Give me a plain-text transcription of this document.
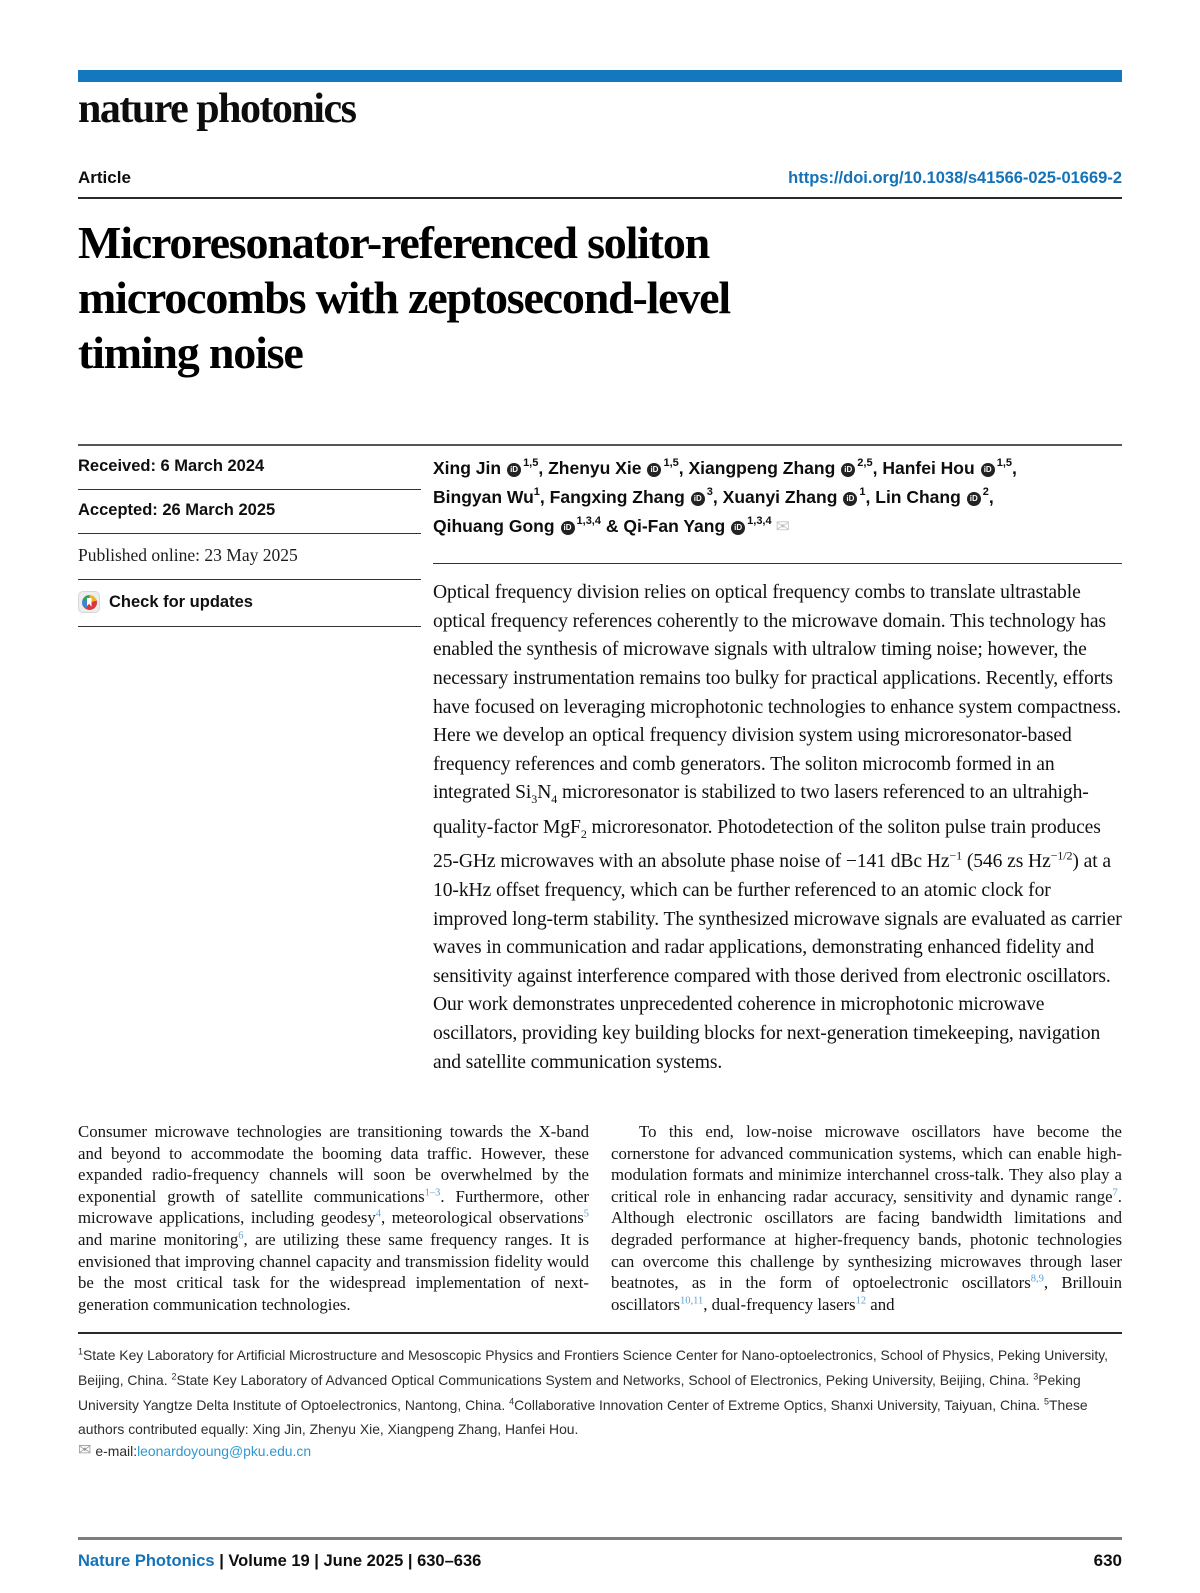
nature photonics
Article	https://doi.org/10.1038/s41566-025-01669-2
Microresonator-referenced soliton
microcombs with zeptosecond-level
timing noise
Received: 6 March 2024
Accepted: 26 March 2025
Published online: 23 May 2025
Check for updates
Xing Jin iD$^{1,5}$, Zhenyu Xie iD$^{1,5}$, Xiangpeng Zhang iD$^{2,5}$, Hanfei Hou iD$^{1,5}$,
Bingyan Wu$^1$, Fangxing Zhang $iD^3$, Xuanyi Zhang $iD^1$, Lin Chang $iD^2$,
Qihuang Gong iD$^{1,3,4}$ & Qi-Fan Yang iD$^{1,3,4}$ ✉

Optical frequency division relies on optical frequency combs to translate ultrastable optical frequency references coherently to the microwave domain. This technology has enabled the synthesis of microwave signals with ultralow timing noise; however, the necessary instrumentation remains too bulky for practical applications. Recently, efforts have focused on leveraging microphotonic technologies to enhance system compactness. Here we develop an optical frequency division system using microresonator-based frequency references and comb generators. The soliton microcomb formed in an integrated $Si_3N_4$ microresonator is stabilized to two lasers referenced to an ultrahigh-quality-factor MgF$_2$ microresonator. Photodetection of the soliton pulse train produces 25-GHz microwaves with an absolute phase noise of −141 dBc $Hz^{-1}$ (546 zs $Hz^{-1/2}$) at a 10-kHz offset frequency, which can be further referenced to an atomic clock for improved long-term stability. The synthesized microwave signals are evaluated as carrier waves in communication and radar applications, demonstrating enhanced fidelity and sensitivity against interference compared with those derived from electronic oscillators. Our work demonstrates unprecedented coherence in microphotonic microwave oscillators, providing key building blocks for next-generation timekeeping, navigation and satellite communication systems.

Consumer microwave technologies are transitioning towards the X-band and beyond to accommodate the booming data traffic. However, these expanded radio-frequency channels will soon be overwhelmed by the exponential growth of satellite communications$^{1-3}$. Furthermore, other microwave applications, including geodesy$^4$, meteorological observations$^5$ and marine monitoring$^6$, are utilizing these same frequency ranges. It is envisioned that improving channel capacity and transmission fidelity would be the most critical task for the widespread implementation of next-generation communication technologies.

To this end, low-noise microwave oscillators have become the cornerstone for advanced communication systems, which can enable high-modulation formats and minimize interchannel cross-talk. They also play a critical role in enhancing radar accuracy, sensitivity and dynamic range$^7$. Although electronic oscillators are facing bandwidth limitations and degraded performance at higher-frequency bands, photonic technologies can overcome this challenge by synthesizing microwaves through laser beatnotes, as in the form of optoelectronic oscillators$^{8,9}$, Brillouin oscillators$^{10,11}$, dual-frequency lasers$^{12}$ and

$^1$State Key Laboratory for Artificial Microstructure and Mesoscopic Physics and Frontiers Science Center for Nano-optoelectronics, School of Physics, Peking University, Beijing, China. $^2$State Key Laboratory of Advanced Optical Communications System and Networks, School of Electronics, Peking University, Beijing, China. $^3$Peking University Yangtze Delta Institute of Optoelectronics, Nantong, China. $^4$Collaborative Innovation Center of Extreme Optics, Shanxi University, Taiyuan, China. $^5$These authors contributed equally: Xing Jin, Zhenyu Xie, Xiangpeng Zhang, Hanfei Hou.

✉ e-mail: leonardoyoung@pku.edu.cn

Nature Photonics | Volume 19 | June 2025 | 630–636	630
